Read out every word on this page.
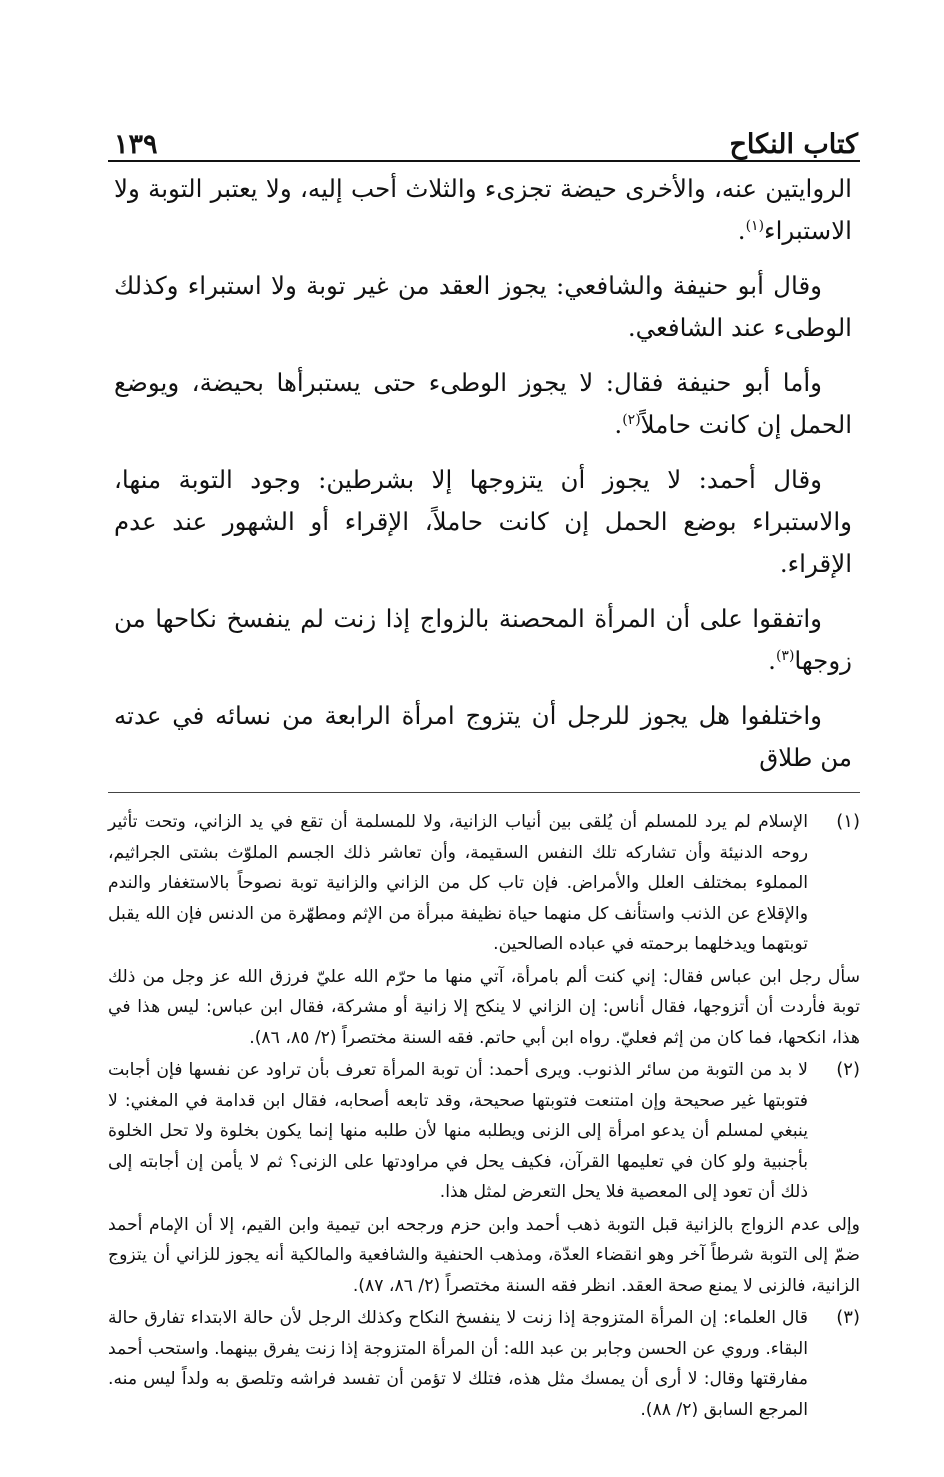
كتاب النكاح
١٣٩

الروايتين عنه، والأخرى حيضة تجزىء والثلاث أحب إليه، ولا يعتبر التوبة ولا الاستبراء$^{(١)}$.

وقال أبو حنيفة والشافعي: يجوز العقد من غير توبة ولا استبراء وكذلك الوطىء عند الشافعي.

وأما أبو حنيفة فقال: لا يجوز الوطىء حتى يستبرأها بحيضة، ويوضع الحمل إن كانت حاملاً$^{(٢)}$.

وقال أحمد: لا يجوز أن يتزوجها إلا بشرطين: وجود التوبة منها، والاستبراء بوضع الحمل إن كانت حاملاً، الإقراء أو الشهور عند عدم الإقراء.

واتفقوا على أن المرأة المحصنة بالزواج إذا زنت لم ينفسخ نكاحها من زوجها$^{(٣)}$.

واختلفوا هل يجوز للرجل أن يتزوج امرأة الرابعة من نسائه في عدته من طلاق

(١)

الإسلام لم يرد للمسلم أن يُلقى بين أنياب الزانية، ولا للمسلمة أن تقع في يد الزاني، وتحت تأثير روحه الدنيئة وأن تشاركه تلك النفس السقيمة، وأن تعاشر ذلك الجسم الملوّث بشتى الجراثيم، المملوء بمختلف العلل والأمراض. فإن تاب كل من الزاني والزانية توبة نصوحاً بالاستغفار والندم والإقلاع عن الذنب واستأنف كل منهما حياة نظيفة مبرأة من الإثم ومطهّرة من الدنس فإن الله يقبل توبتهما ويدخلهما برحمته في عباده الصالحين.

سأل رجل ابن عباس فقال: إني كنت ألم بامرأة، آتي منها ما حرّم الله عليّ فرزق الله عز وجل من ذلك توبة فأردت أن أتزوجها، فقال أناس: إن الزاني لا ينكح إلا زانية أو مشركة، فقال ابن عباس: ليس هذا في هذا، انكحها، فما كان من إثم فعليّ. رواه ابن أبي حاتم. فقه السنة مختصراً (٢/ ٨٥، ٨٦).

(٢)

لا بد من التوبة من سائر الذنوب. ويرى أحمد: أن توبة المرأة تعرف بأن تراود عن نفسها فإن أجابت فتوبتها غير صحيحة وإن امتنعت فتوبتها صحيحة، وقد تابعه أصحابه، فقال ابن قدامة في المغني: لا ينبغي لمسلم أن يدعو امرأة إلى الزنى ويطلبه منها لأن طلبه منها إنما يكون بخلوة ولا تحل الخلوة بأجنبية ولو كان في تعليمها القرآن، فكيف يحل في مراودتها على الزنى؟ ثم لا يأمن إن أجابته إلى ذلك أن تعود إلى المعصية فلا يحل التعرض لمثل هذا.

وإلى عدم الزواج بالزانية قبل التوبة ذهب أحمد وابن حزم ورجحه ابن تيمية وابن القيم، إلا أن الإمام أحمد ضمّ إلى التوبة شرطاً آخر وهو انقضاء العدّة، ومذهب الحنفية والشافعية والمالكية أنه يجوز للزاني أن يتزوج الزانية، فالزنى لا يمنع صحة العقد. انظر فقه السنة مختصراً (٢/ ٨٦، ٨٧).

(٣)

قال العلماء: إن المرأة المتزوجة إذا زنت لا ينفسخ النكاح وكذلك الرجل لأن حالة الابتداء تفارق حالة البقاء. وروي عن الحسن وجابر بن عبد الله: أن المرأة المتزوجة إذا زنت يفرق بينهما. واستحب أحمد مفارقتها وقال: لا أرى أن يمسك مثل هذه، فتلك لا تؤمن أن تفسد فراشه وتلصق به ولداً ليس منه. المرجع السابق (٢/ ٨٨).
